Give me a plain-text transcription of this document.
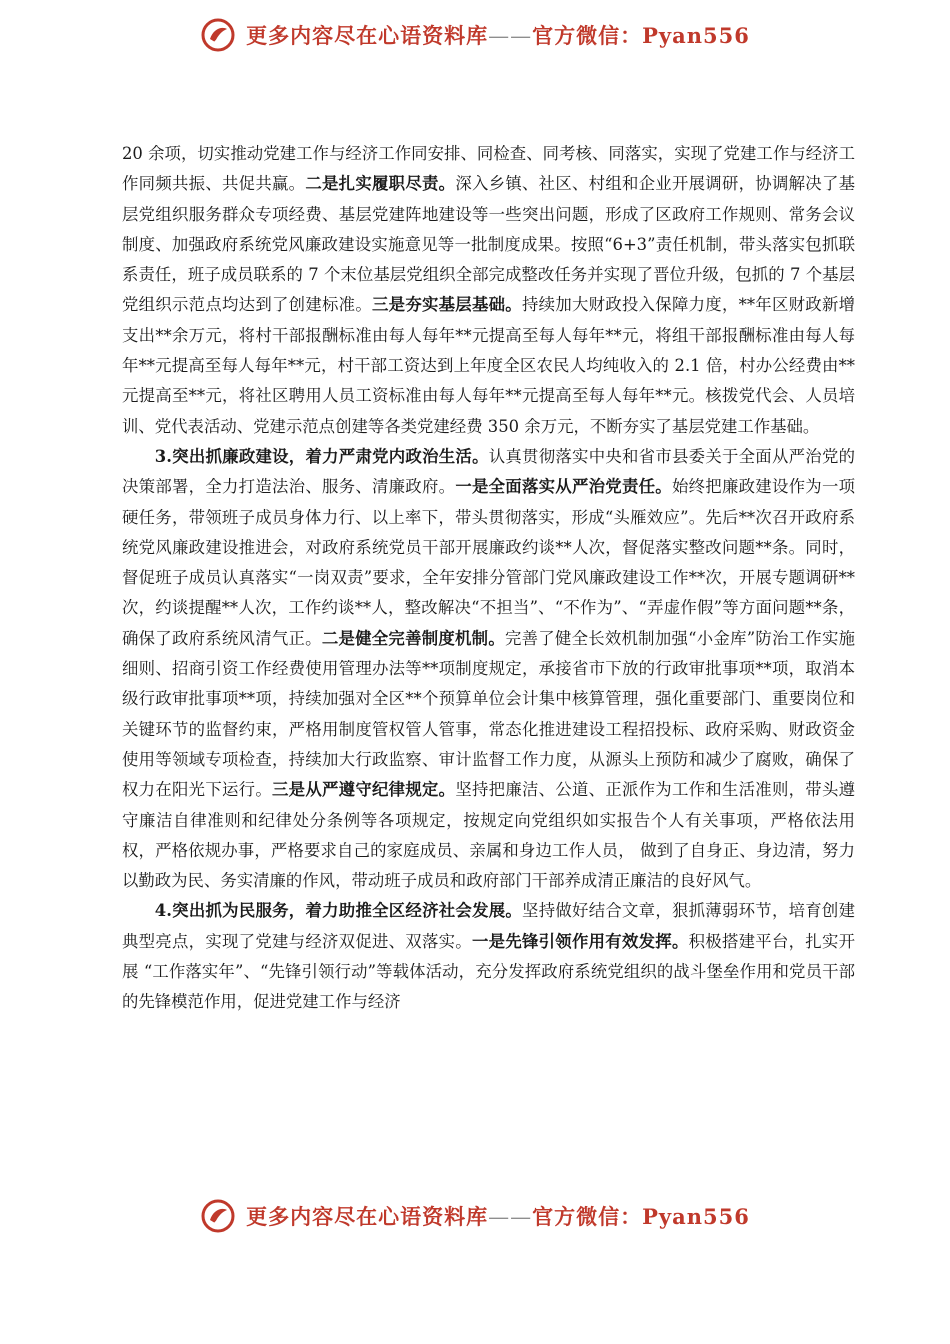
更多内容尽在心语资料库——官方微信：Pyan556

20 余项，切实推动党建工作与经济工作同安排、同检查、同考核、同落实，实现了党建工作与经济工作同频共振、共促共赢。二是扎实履职尽责。深入乡镇、社区、村组和企业开展调研，协调解决了基层党组织服务群众专项经费、基层党建阵地建设等一些突出问题，形成了区政府工作规则、常务会议制度、加强政府系统党风廉政建设实施意见等一批制度成果。按照“6+3”责任机制，带头落实包抓联系责任，班子成员联系的 7 个末位基层党组织全部完成整改任务并实现了晋位升级，包抓的 7 个基层党组织示范点均达到了创建标准。三是夯实基层基础。持续加大财政投入保障力度，**年区财政新增支出**余万元，将村干部报酬标准由每人每年**元提高至每人每年**元，将组干部报酬标准由每人每年**元提高至每人每年**元，村干部工资达到上年度全区农民人均纯收入的 2.1 倍，村办公经费由**元提高至**元，将社区聘用人员工资标准由每人每年**元提高至每人每年**元。核拨党代会、人员培训、党代表活动、党建示范点创建等各类党建经费 350 余万元，不断夯实了基层党建工作基础。

3.突出抓廉政建设，着力严肃党内政治生活。认真贯彻落实中央和省市县委关于全面从严治党的决策部署，全力打造法治、服务、清廉政府。一是全面落实从严治党责任。始终把廉政建设作为一项硬任务，带领班子成员身体力行、以上率下，带头贯彻落实，形成“头雁效应”。先后**次召开政府系统党风廉政建设推进会，对政府系统党员干部开展廉政约谈**人次，督促落实整改问题**条。同时，督促班子成员认真落实“一岗双责”要求，全年安排分管部门党风廉政建设工作**次，开展专题调研**次，约谈提醒**人次，工作约谈**人，整改解决“不担当”、“不作为”、“弄虚作假”等方面问题**条，确保了政府系统风清气正。二是健全完善制度机制。完善了健全长效机制加强“小金库”防治工作实施细则、招商引资工作经费使用管理办法等**项制度规定，承接省市下放的行政审批事项**项，取消本级行政审批事项**项，持续加强对全区**个预算单位会计集中核算管理，强化重要部门、重要岗位和关键环节的监督约束，严格用制度管权管人管事，常态化推进建设工程招投标、政府采购、财政资金使用等领域专项检查，持续加大行政监察、审计监督工作力度，从源头上预防和减少了腐败，确保了权力在阳光下运行。三是从严遵守纪律规定。坚持把廉洁、公道、正派作为工作和生活准则，带头遵守廉洁自律准则和纪律处分条例等各项规定，按规定向党组织如实报告个人有关事项，严格依法用权，严格依规办事，严格要求自己的家庭成员、亲属和身边工作人员， 做到了自身正、身边清，努力以勤政为民、务实清廉的作风，带动班子成员和政府部门干部养成清正廉洁的良好风气。

4.突出抓为民服务，着力助推全区经济社会发展。坚持做好结合文章，狠抓薄弱环节，培育创建典型亮点，实现了党建与经济双促进、双落实。一是先锋引领作用有效发挥。积极搭建平台，扎实开展 “工作落实年”、“先锋引领行动”等载体活动，充分发挥政府系统党组织的战斗堡垒作用和党员干部的先锋模范作用，促进党建工作与经济

更多内容尽在心语资料库——官方微信：Pyan556
